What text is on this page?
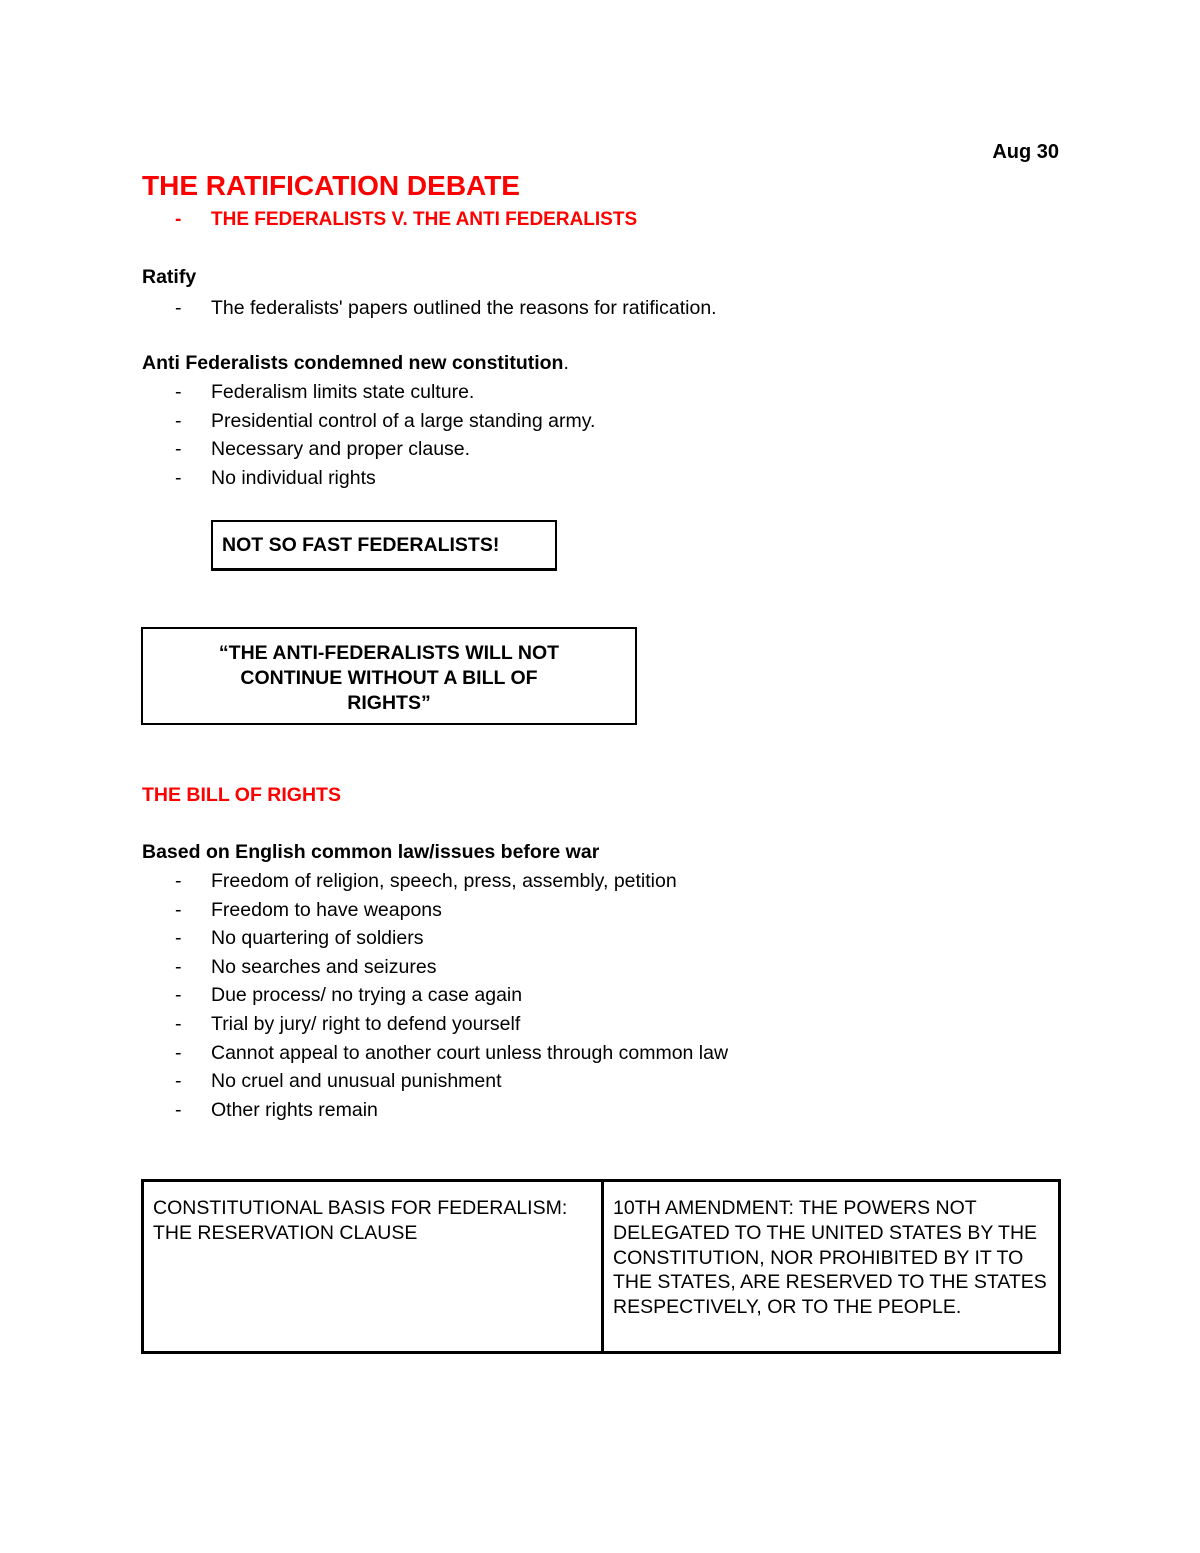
Aug 30
THE RATIFICATION DEBATE
- THE FEDERALISTS V. THE ANTI FEDERALISTS
Ratify
- The federalists' papers outlined the reasons for ratification.
Anti Federalists condemned new constitution.
- Federalism limits state culture.
- Presidential control of a large standing army.
- Necessary and proper clause.
- No individual rights
NOT SO FAST FEDERALISTS!
“THE ANTI-FEDERALISTS WILL NOT CONTINUE WITHOUT A BILL OF RIGHTS”
THE BILL OF RIGHTS
Based on English common law/issues before war
- Freedom of religion, speech, press, assembly, petition
- Freedom to have weapons
- No quartering of soldiers
- No searches and seizures
- Due process/ no trying a case again
- Trial by jury/ right to defend yourself
- Cannot appeal to another court unless through common law
- No cruel and unusual punishment
- Other rights remain
CONSTITUTIONAL BASIS FOR FEDERALISM: THE RESERVATION CLAUSE	10TH AMENDMENT: THE POWERS NOT DELEGATED TO THE UNITED STATES BY THE CONSTITUTION, NOR PROHIBITED BY IT TO THE STATES, ARE RESERVED TO THE STATES RESPECTIVELY, OR TO THE PEOPLE.
